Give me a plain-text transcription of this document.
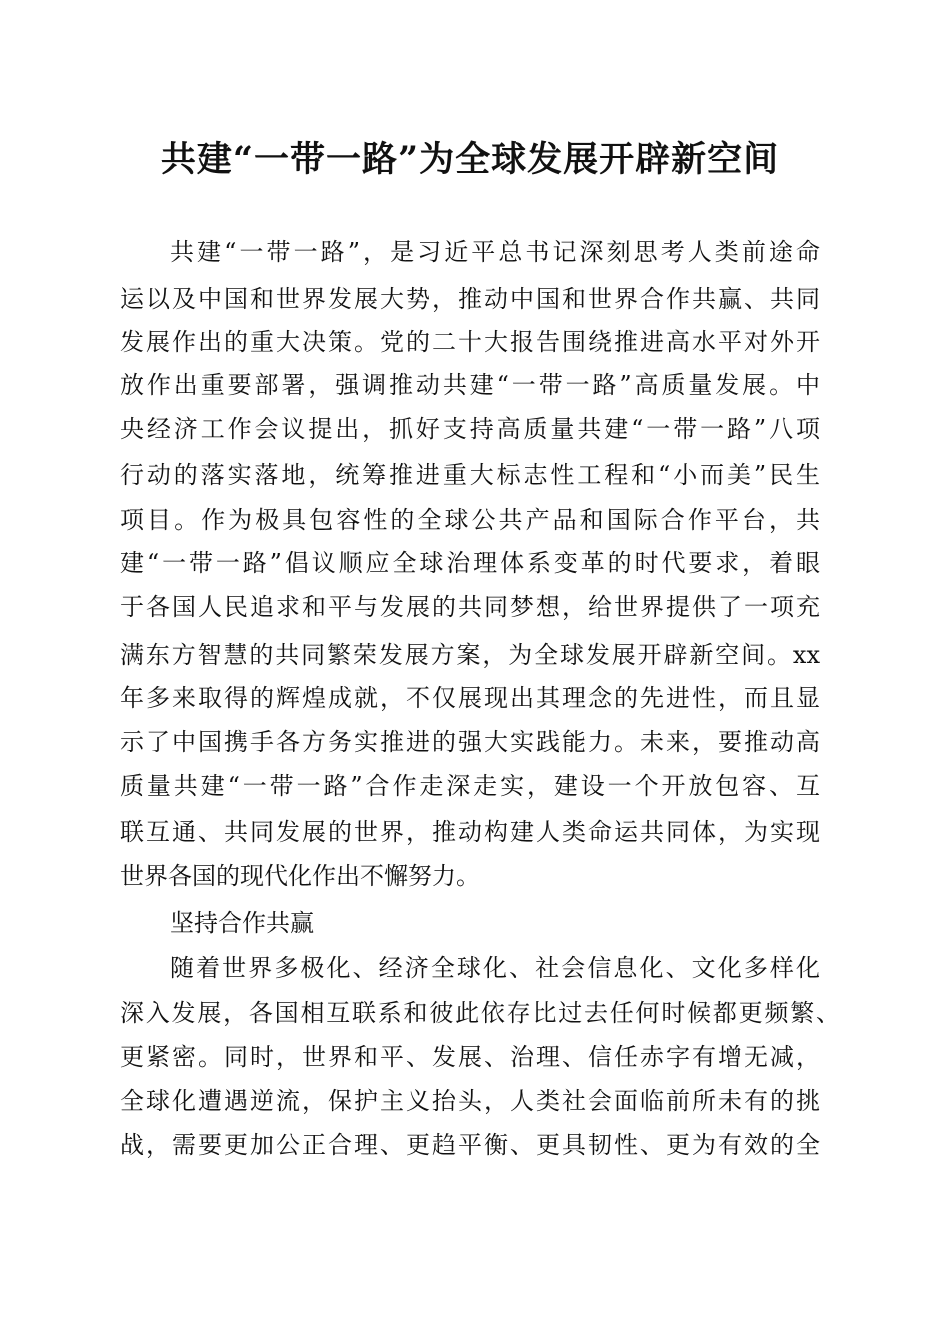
共建“一带一路”为全球发展开辟新空间
共建“一带一路”，是习近平总书记深刻思考人类前途命
运以及中国和世界发展大势，推动中国和世界合作共赢、共同
发展作出的重大决策。党的二十大报告围绕推进高水平对外开
放作出重要部署，强调推动共建“一带一路”高质量发展。中
央经济工作会议提出，抓好支持高质量共建“一带一路”八项
行动的落实落地，统筹推进重大标志性工程和“小而美”民生
项目。作为极具包容性的全球公共产品和国际合作平台，共
建“一带一路”倡议顺应全球治理体系变革的时代要求，着眼
于各国人民追求和平与发展的共同梦想，给世界提供了一项充
满东方智慧的共同繁荣发展方案，为全球发展开辟新空间。xx
年多来取得的辉煌成就，不仅展现出其理念的先进性，而且显
示了中国携手各方务实推进的强大实践能力。未来，要推动高
质量共建“一带一路”合作走深走实，建设一个开放包容、互
联互通、共同发展的世界，推动构建人类命运共同体，为实现
世界各国的现代化作出不懈努力。
坚持合作共赢
随着世界多极化、经济全球化、社会信息化、文化多样化
深入发展，各国相互联系和彼此依存比过去任何时候都更频繁、
更紧密。同时，世界和平、发展、治理、信任赤字有增无减，
全球化遭遇逆流，保护主义抬头，人类社会面临前所未有的挑
战，需要更加公正合理、更趋平衡、更具韧性、更为有效的全
